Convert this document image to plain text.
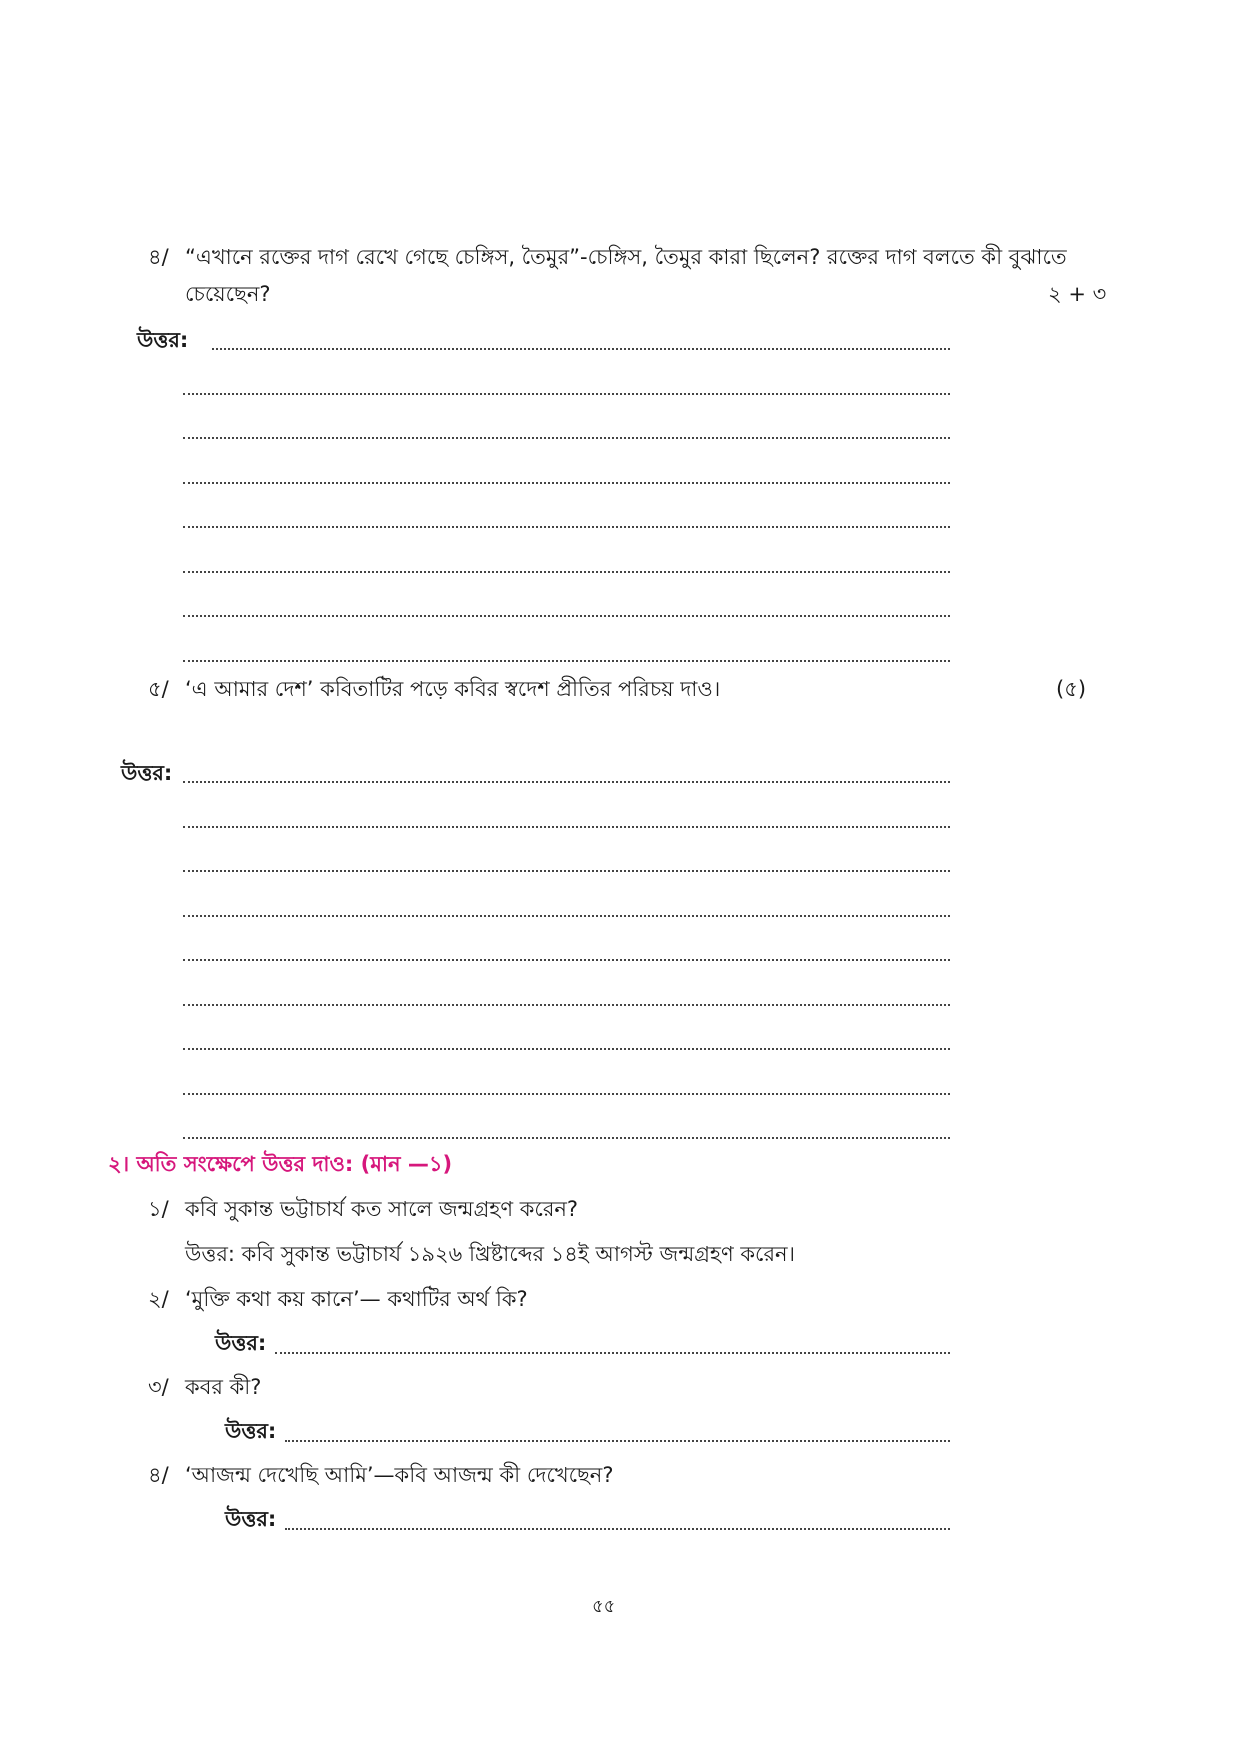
৪/ “এখানে রক্তের দাগ রেখে গেছে চেঙ্গিস, তৈমুর”-চেঙ্গিস, তৈমুর কারা ছিলেন? রক্তের দাগ বলতে কী বুঝাতে
চেয়েছেন?	২ + ৩
উত্তর:
৫/ ‘এ আমার দেশ’ কবিতাটির পড়ে কবির স্বদেশ প্রীতির পরিচয় দাও।	(৫)
উত্তর:
২। অতি সংক্ষেপে উত্তর দাও: (মান —১)
১/ কবি সুকান্ত ভট্টাচার্য কত সালে জন্মগ্রহণ করেন?
উত্তর: কবি সুকান্ত ভট্টাচার্য ১৯২৬ খ্রিষ্টাব্দের ১৪ই আগস্ট জন্মগ্রহণ করেন।
২/ ‘মুক্তি কথা কয় কানে’— কথাটির অর্থ কি?
উত্তর:
৩/ কবর কী?
উত্তর:
৪/ ‘আজন্ম দেখেছি আমি’—কবি আজন্ম কী দেখেছেন?
উত্তর:
৫৫
